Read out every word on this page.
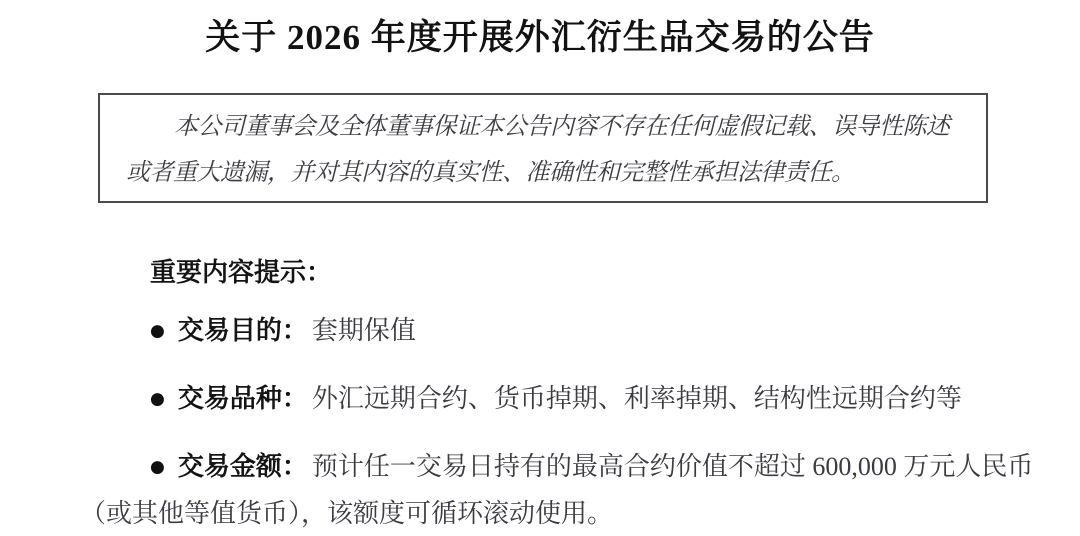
关于 2026 年度开展外汇衍生品交易的公告

本公司董事会及全体董事保证本公告内容不存在任何虚假记载、误导性陈述或者重大遗漏，并对其内容的真实性、准确性和完整性承担法律责任。

重要内容提示：

● 交易目的： 套期保值

● 交易品种： 外汇远期合约、货币掉期、利率掉期、结构性远期合约等

● 交易金额： 预计任一交易日持有的最高合约价值不超过 600,000 万元人民币（或其他等值货币），该额度可循环滚动使用。
